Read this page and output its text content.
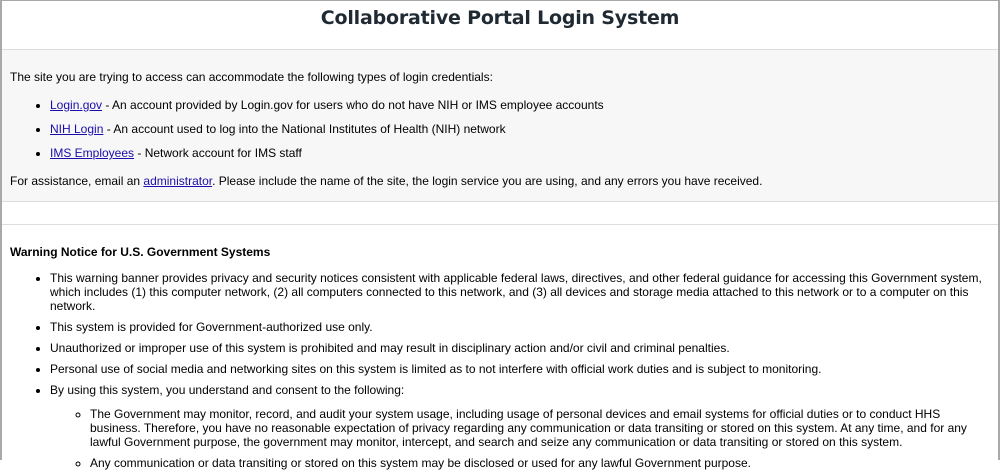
Collaborative Portal Login System

The site you are trying to access can accommodate the following types of login credentials:

• Login.gov - An account provided by Login.gov for users who do not have NIH or IMS employee accounts
• NIH Login - An account used to log into the National Institutes of Health (NIH) network
• IMS Employees - Network account for IMS staff

For assistance, email an administrator. Please include the name of the site, the login service you are using, and any errors you have received.

Warning Notice for U.S. Government Systems
• This warning banner provides privacy and security notices consistent with applicable federal laws, directives, and other federal guidance for accessing this Government system, which includes (1) this computer network, (2) all computers connected to this network, and (3) all devices and storage media attached to this network or to a computer on this network.
• This system is provided for Government-authorized use only.
• Unauthorized or improper use of this system is prohibited and may result in disciplinary action and/or civil and criminal penalties.
• Personal use of social media and networking sites on this system is limited as to not interfere with official work duties and is subject to monitoring.
• By using this system, you understand and consent to the following:
◦ The Government may monitor, record, and audit your system usage, including usage of personal devices and email systems for official duties or to conduct HHS business. Therefore, you have no reasonable expectation of privacy regarding any communication or data transiting or stored on this system. At any time, and for any lawful Government purpose, the government may monitor, intercept, and search and seize any communication or data transiting or stored on this system.
◦ Any communication or data transiting or stored on this system may be disclosed or used for any lawful Government purpose.
